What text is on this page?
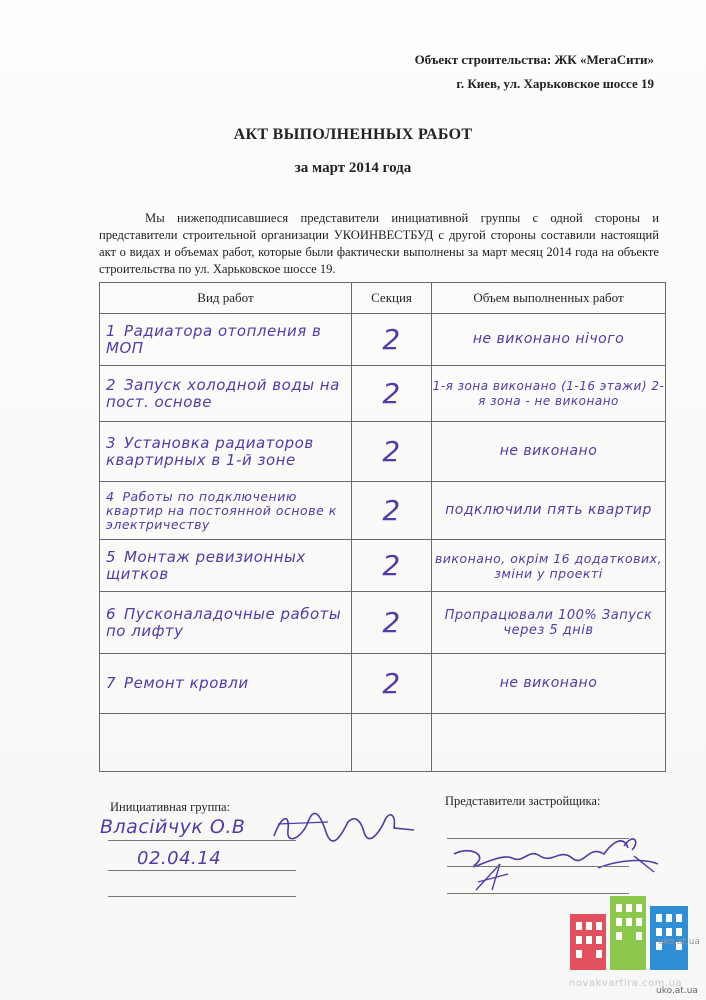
Объект строительства: ЖК «МегаСити»
г. Киев, ул. Харьковское шоссе 19
АКТ ВЫПОЛНЕННЫХ РАБОТ
за март 2014 года
Мы нижеподписавшиеся представители инициативной группы с одной стороны и представители строительной организации УКОИНВЕСТБУД с другой стороны составили настоящий акт о видах и объемах работ, которые были фактически выполнены за март месяц 2014 года на объекте строительства по ул. Харьковское шоссе 19.
Вид работ	Секция	Объем выполненных работ
1 Радиатора отопления в МОП	2	не виконано нічого
2 Запуск холодной воды на пост. основе	2	1-я зона виконано (1-16 этажи) 2-я зона - не виконано
3 Установка радиаторов квартирных в 1-й зоне	2	не виконано
4 Работы по подключению квартир на постоянной основе к электричеству	2	подключили пять квартир
5 Монтаж ревизионных щитков	2	виконано, окрім 16 додаткових, зміни у проекті
6 Пусконаладочные работы по лифту	2	Пропрацювали 100% Запуск через 5 днів
7 Ремонт кровли	2	не виконано

Инициативная группа:	Представители застройщика:
Власійчук О.В
02.04.14
uko.at.ua
novakvartira.com.ua
uko.at.ua
